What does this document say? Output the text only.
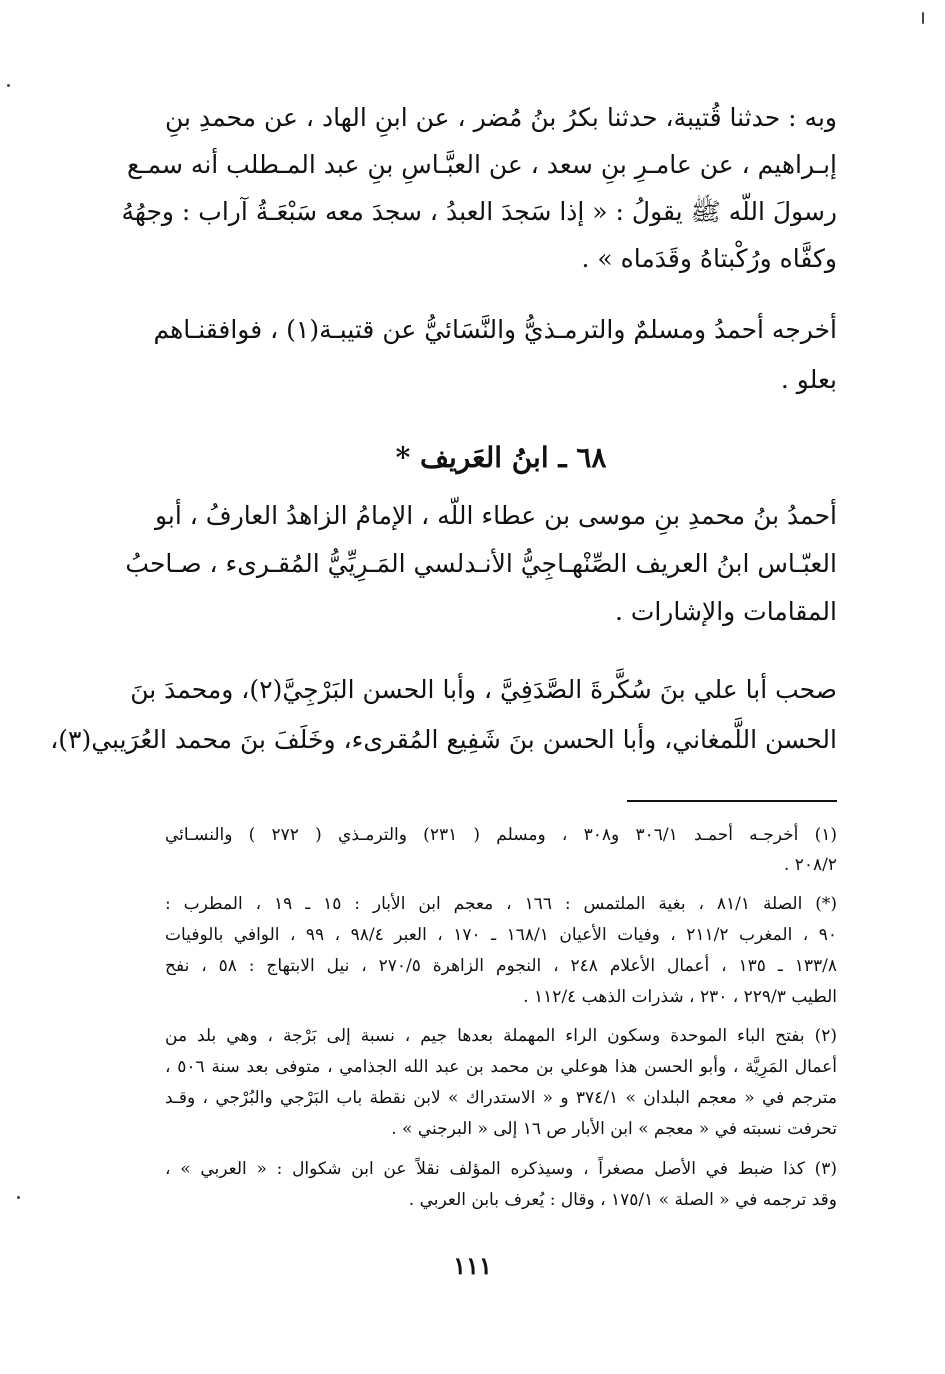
وبه : حدثنا قُتيبة، حدثنا بكرُ بنُ مُضر ، عن ابنِ الهاد ، عن محمدِ بنِ
إبـراهيم ، عن عامـرِ بنِ سعد ، عن العبَّـاسِ بنِ عبد المـطلب أنه سمـع
رسولَ اللّه ﷺ يقولُ : « إذا سَجدَ العبدُ ، سجدَ معه سَبْعَـةُ آراب : وجهُهُ
وكفَّاه ورُكْبتاهُ وقَدَماه » .
أخرجه أحمدُ ومسلمٌ والترمـذيُّ والنَّسَائيُّ عن قتيبـة(١) ، فوافقنـاهم
بعلو .
٦٨ ـ ابنُ العَريف *
أحمدُ بنُ محمدِ بنِ موسى بن عطاء اللّه ، الإمامُ الزاهدُ العارفُ ، أبو
العبّـاس ابنُ العريف الصِّنْهـاجِيُّ الأنـدلسي المَـرِيِّيُّ المُقـرىء ، صـاحبُ
المقامات والإشارات .
صحب أبا علي بنَ سُكَّرةَ الصَّدَفِيَّ ، وأبا الحسن البَرْجِيَّ(٢)، ومحمدَ بنَ
الحسن اللَّمغاني، وأبا الحسن بنَ شَفِيع المُقرىء، وخَلَفَ بنَ محمد العُرَيبي(٣)،
(١) أخرجـه أحمـد ٣٠٦/١ و٣٠٨ ، ومسلم ( ٢٣١) والترمـذي ( ٢٧٢ ) والنسـائي
٢٠٨/٢ .
(*) الصلة ٨١/١ ، بغية الملتمس : ١٦٦ ، معجم ابن الأبار : ١٥ ـ ١٩ ، المطرب :
٩٠ ، المغرب ٢١١/٢ ، وفيات الأعيان ١٦٨/١ ـ ١٧٠ ، العبر ٩٨/٤ ، ٩٩ ، الوافي بالوفيات
١٣٣/٨ ـ ١٣٥ ، أعمال الأعلام ٢٤٨ ، النجوم الزاهرة ٢٧٠/٥ ، نيل الابتهاج : ٥٨ ، نفح
الطيب ٢٢٩/٣ ، ٢٣٠ ، شذرات الذهب ١١٢/٤ .
(٢) بفتح الباء الموحدة وسكون الراء المهملة بعدها جيم ، نسبة إلى بَرْجة ، وهي بلد من
أعمال المَرِيَّة ، وأبو الحسن هذا هوعلي بن محمد بن عبد الله الجذامي ، متوفى بعد سنة ٥٠٦ ،
مترجم في « معجم البلدان » ٣٧٤/١ و « الاستدراك » لابن نقطة باب البَرْجي والبُرْجي ، وقـد
تحرفت نسبته في « معجم » ابن الأبار ص ١٦ إلى « البرجني » .
(٣) كذا ضبط في الأصل مصغراً ، وسيذكره المؤلف نقلاً عن ابن شكوال : « العربي » ،
وقد ترجمه في « الصلة » ١٧٥/١ ، وقال : يُعرف بابن العربي .
١١١
